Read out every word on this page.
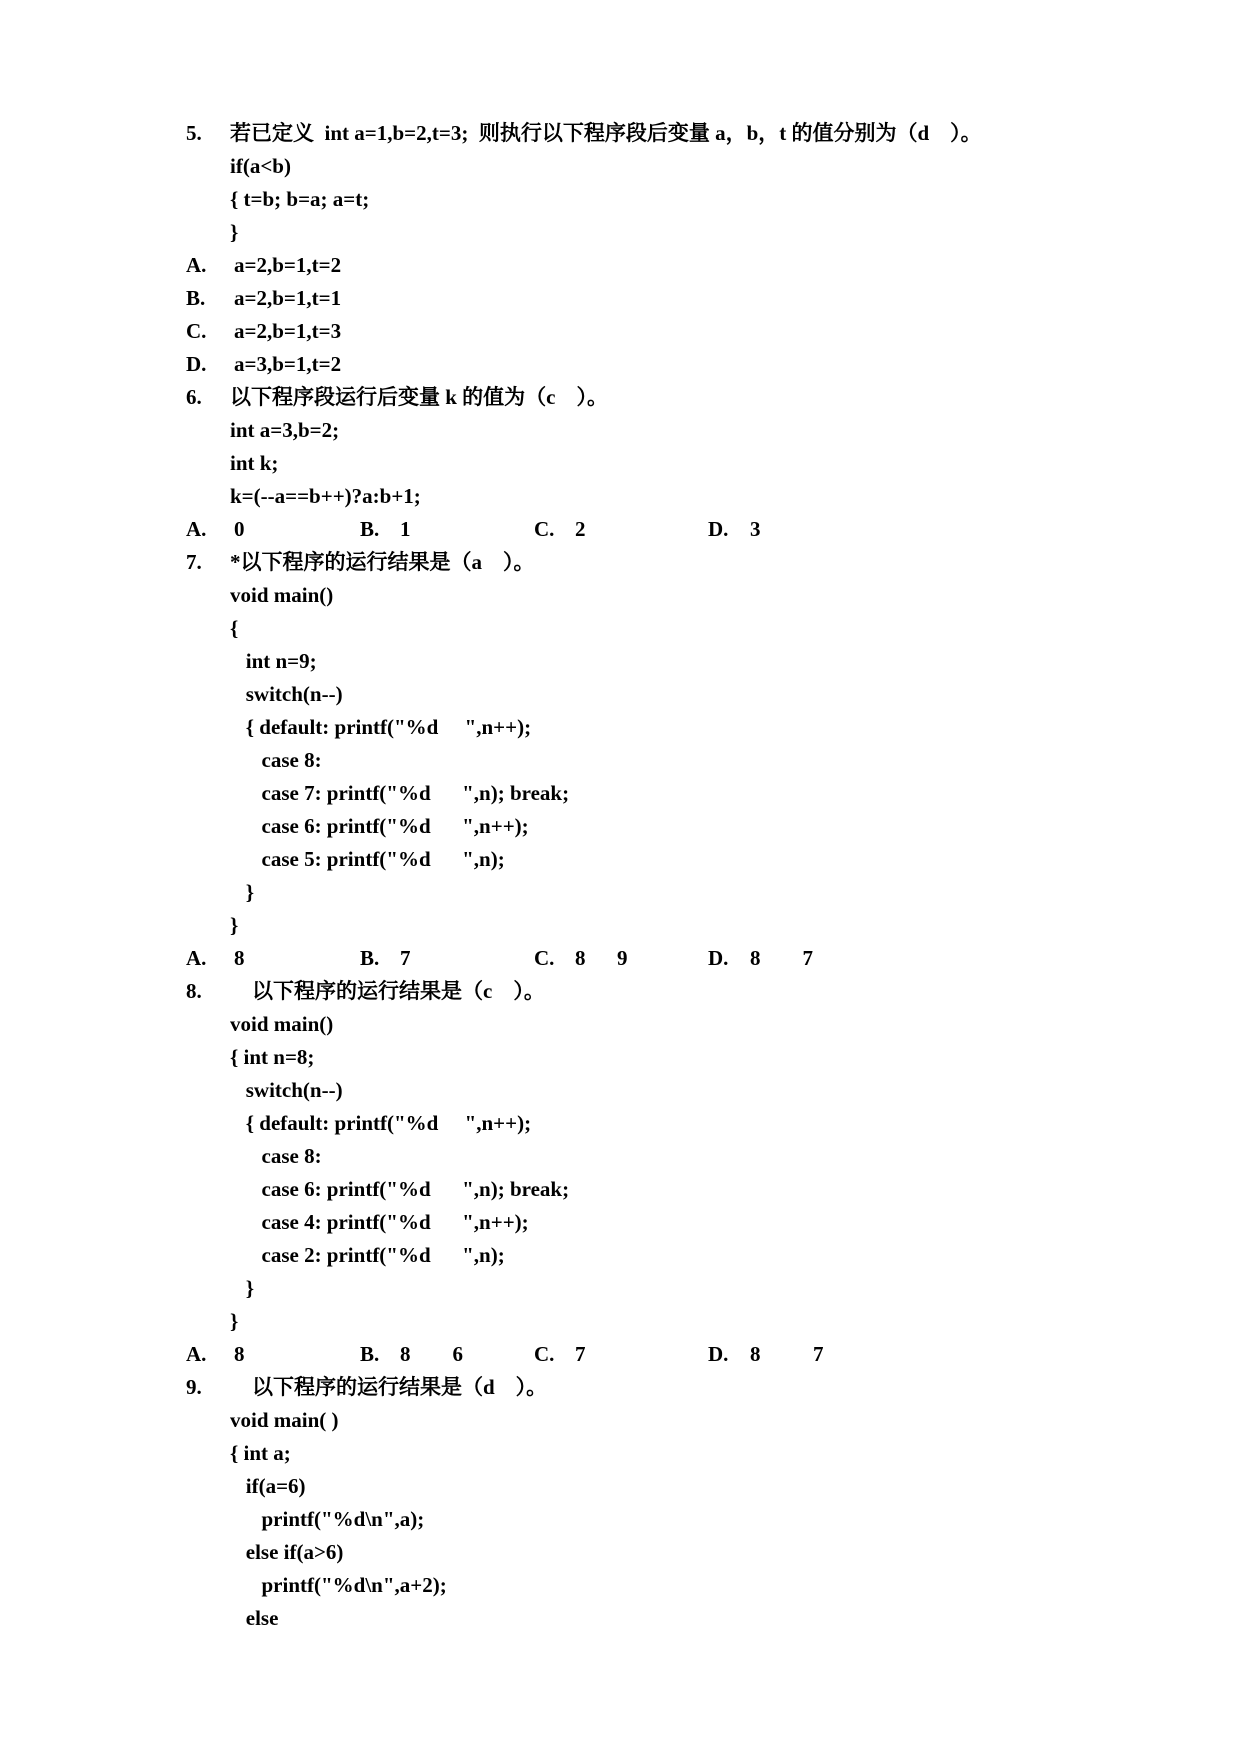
5. 若已定义  int a=1,b=2,t=3;  则执行以下程序段后变量 a，b，t 的值分别为（d    ）。
if(a<b)
{ t=b; b=a; a=t;
}
A. a=2,b=1,t=2
B. a=2,b=1,t=1
C. a=2,b=1,t=3
D. a=3,b=1,t=2
6. 以下程序段运行后变量 k 的值为（c    ）。
int a=3,b=2;
int k;
k=(--a==b++)?a:b+1;
A. 0	B. 1	C. 2	D. 3
7. *以下程序的运行结果是（a    ）。
void main()
{
int n=9;
switch(n--)
{ default: printf("%d     ",n++);
case 8:
case 7: printf("%d      ",n); break;
case 6: printf("%d      ",n++);
case 5: printf("%d      ",n);
}
}
A. 8	B. 7	C. 8      9	D. 8        7
8. 以下程序的运行结果是（c    ）。
void main()
{ int n=8;
switch(n--)
{ default: printf("%d     ",n++);
case 8:
case 6: printf("%d      ",n); break;
case 4: printf("%d      ",n++);
case 2: printf("%d      ",n);
}
}
A. 8	B. 8        6	C. 7	D. 8          7
9. 以下程序的运行结果是（d    ）。
void main( )
{ int a;
if(a=6)
printf("%d\n",a);
else if(a>6)
printf("%d\n",a+2);
else
